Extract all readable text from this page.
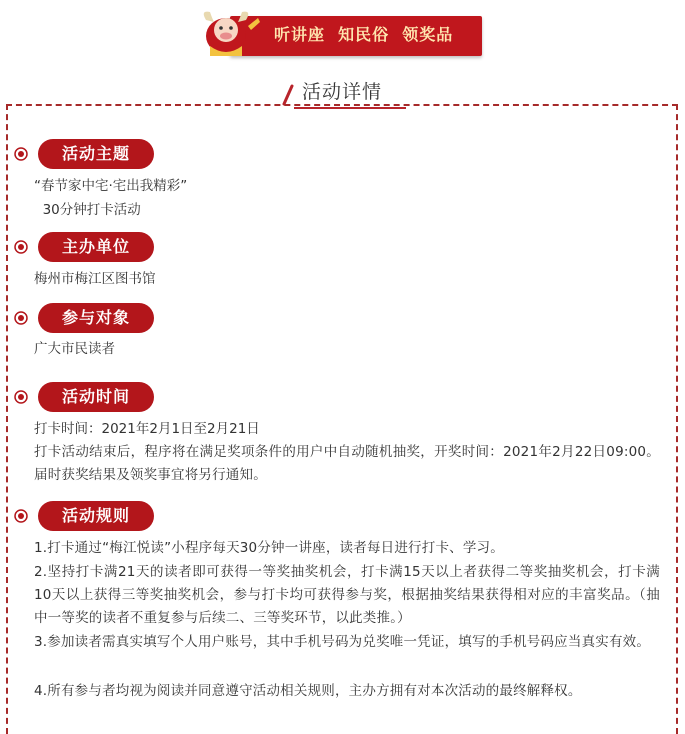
听讲座  知民俗  领奖品
活动详情
活动主题
“春节家中宅·宅出我精彩”
30分钟打卡活动
主办单位
梅州市梅江区图书馆
参与对象
广大市民读者
活动时间
打卡时间：2021年2月1日至2月21日
打卡活动结束后，程序将在满足奖项条件的用户中自动随机抽奖，开奖时间：2021年2月22日09:00。届时获奖结果及领奖事宜将另行通知。
活动规则
1.打卡通过“梅江悦读”小程序每天30分钟一讲座，读者每日进行打卡、学习。
2.坚持打卡满21天的读者即可获得一等奖抽奖机会，打卡满15天以上者获得二等奖抽奖机会，打卡满10天以上获得三等奖抽奖机会，参与打卡均可获得参与奖，根据抽奖结果获得相对应的丰富奖品。（抽中一等奖的读者不重复参与后续二、三等奖环节，以此类推。）
3.参加读者需真实填写个人用户账号，其中手机号码为兑奖唯一凭证，填写的手机号码应当真实有效。
4.所有参与者均视为阅读并同意遵守活动相关规则，主办方拥有对本次活动的最终解释权。
